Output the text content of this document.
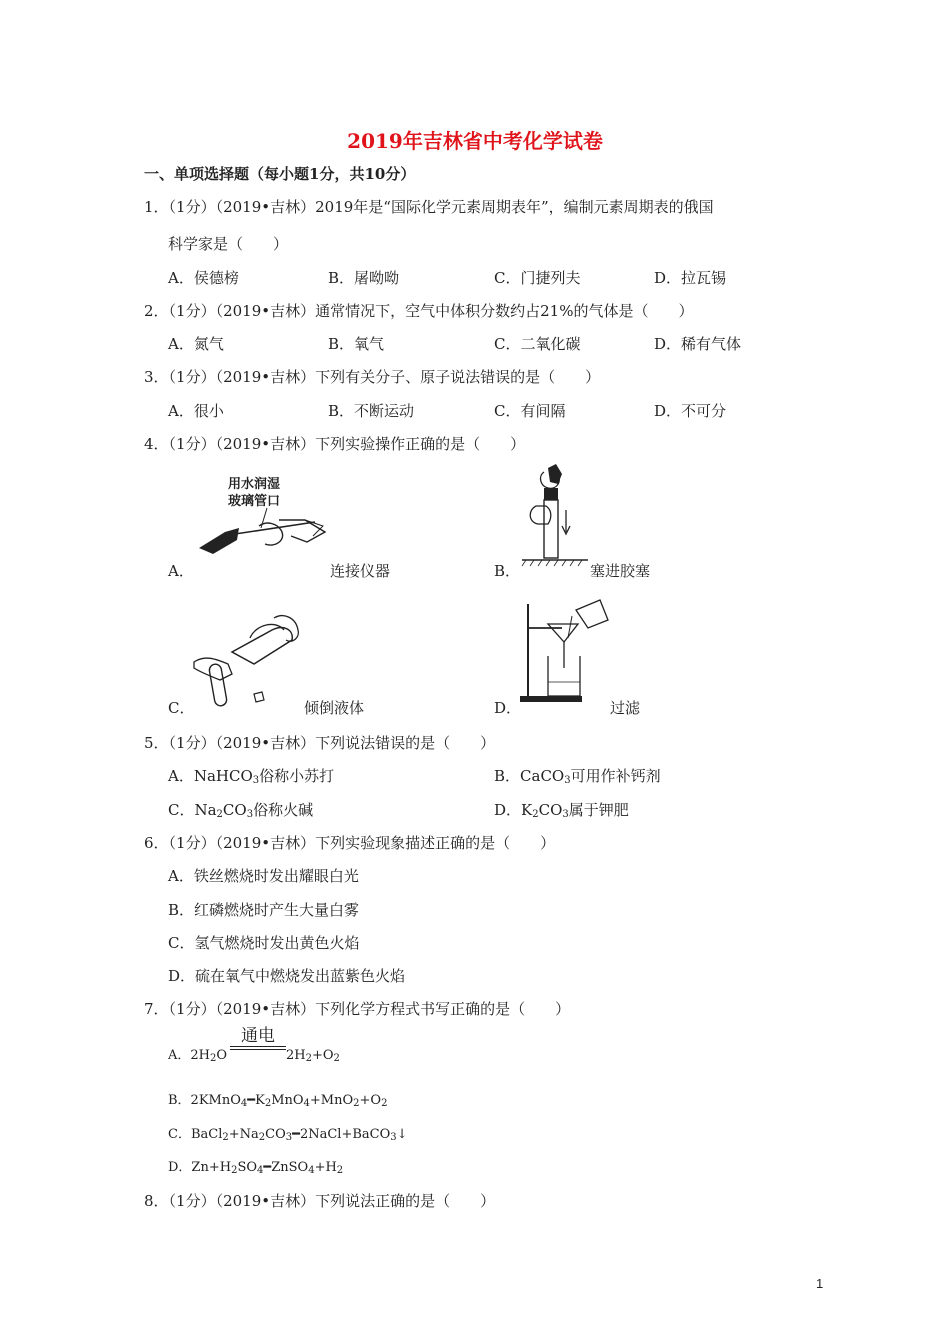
2019年吉林省中考化学试卷
一、单项选择题（每小题1分，共10分）
1．（1分）（2019•吉林）2019年是“国际化学元素周期表年”，编制元素周期表的俄国
科学家是（　　）
A．侯德榜	B．屠呦呦	C．门捷列夫	D．拉瓦锡
2．（1分）（2019•吉林）通常情况下，空气中体积分数约占21%的气体是（　　）
A．氮气	B．氧气	C．二氧化碳	D．稀有气体
3．（1分）（2019•吉林）下列有关分子、原子说法错误的是（　　）
A．很小	B．不断运动	C．有间隔	D．不可分
4．（1分）（2019•吉林）下列实验操作正确的是（　　）
用水润湿
玻璃管口
A．	连接仪器	B．	塞进胶塞
C．	倾倒液体	D．	过滤
5．（1分）（2019•吉林）下列说法错误的是（　　）
A．NaHCO$_3$俗称小苏打	B．CaCO$_3$可用作补钙剂
C．$Na_2CO_3$俗称火碱	D．$K_2CO_3$属于钾肥
6．（1分）（2019•吉林）下列实验现象描述正确的是（　　）
A．铁丝燃烧时发出耀眼白光
B．红磷燃烧时产生大量白雾
C．氢气燃烧时发出黄色火焰
D．硫在氧气中燃烧发出蓝紫色火焰
7．（1分）（2019•吉林）下列化学方程式书写正确的是（　　）
A．$2H_2O$
通电
$2H_2+O_2$
B．$2KMnO_4━K_2MnO_4+MnO_2+O_2$
C．$BaCl_2+Na_2CO_3━2NaCl+BaCO_3↓$
D．$Zn+H_2SO_4━ZnSO_4+H_2$
8．（1分）（2019•吉林）下列说法正确的是（　　）
1
